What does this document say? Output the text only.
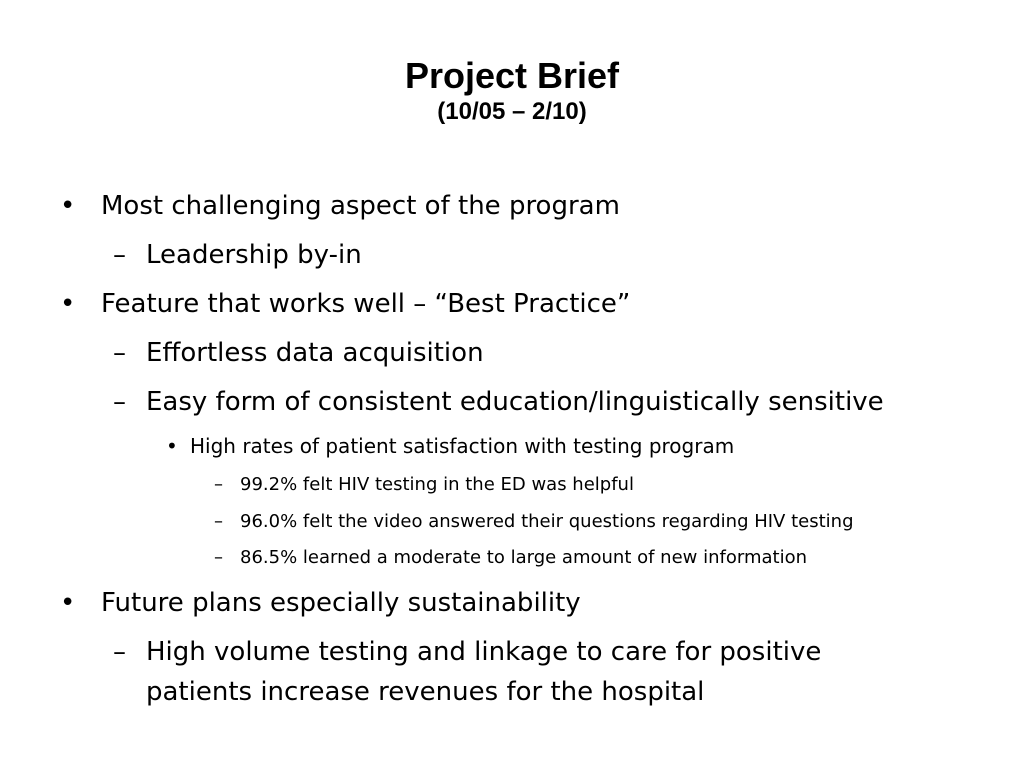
Project Brief
(10/05 – 2/10)
• Most challenging aspect of the program
– Leadership by-in
• Feature that works well – “Best Practice”
– Effortless data acquisition
– Easy form of consistent education/linguistically sensitive
• High rates of patient satisfaction with testing program
– 99.2% felt HIV testing in the ED was helpful
– 96.0% felt the video answered their questions regarding HIV testing
– 86.5% learned a moderate to large amount of new information
• Future plans especially sustainability
– High volume testing and linkage to care for positive
patients increase revenues for the hospital
